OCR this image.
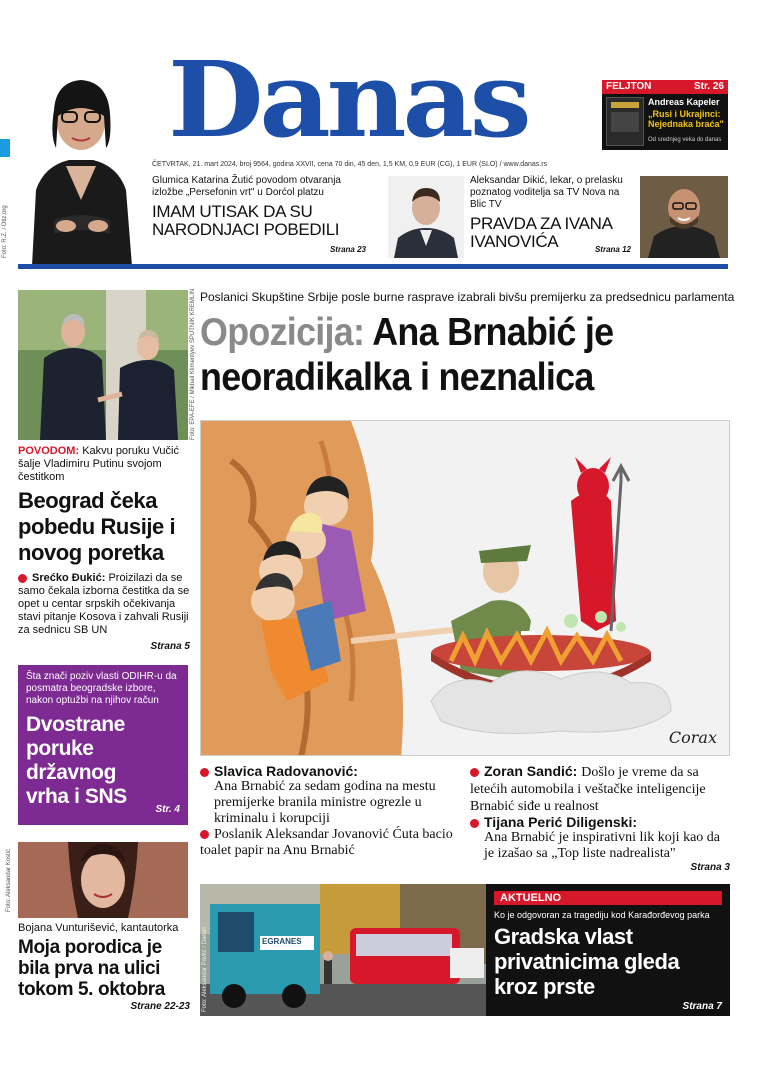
Foto: R.Z. / Otiz.org
Danas	FELJTON	Str. 26
Andreas Kapeler
„Rusi i Ukrajinci: Nejednaka braća"
Od srednjeg veka do danas
ČETVRTAK, 21. mart 2024, broj 9564, godina XXVII, cena 70 din, 45 den, 1,5 KM, 0,9 EUR (CG), 1 EUR (SLO) / www.danas.rs
Glumica Katarina Žutić povodom otvaranja izložbe „Persefonin vrt" u Dorćol platzu
IMAM UTISAK DA SU NARODNJACI POBEDILI
Strana 23
Aleksandar Dikić, lekar, o prelasku poznatog voditelja sa TV Nova na Blic TV
PRAVDA ZA IVANA IVANOVIĆA	Strana 12
Foto: EPA-EFE / Mikhail Klimentyev SPUTNIK KREMLIN
POVODOM: Kakvu poruku Vučić šalje Vladimiru Putinu svojom čestitkom
Beograd čeka pobedu Rusije i novog poretka
Srećko Đukić: Proizilazi da se samo čekala izborna čestitka da se opet u centar srpskih očekivanja stavi pitanje Kosova i zahvali Rusiji za sednicu SB UN
Strana 5
Šta znači poziv vlasti ODIHR-u da posmatra beogradske izbore, nakon optužbi na njihov račun
Dvostrane poruke državnog vrha i SNS
Str. 4
Foto: Aleksandar Kostić
Bojana Vunturišević, kantautorka
Moja porodica je bila prva na ulici tokom 5. oktobra
Strane 22-23
Poslanici Skupštine Srbije posle burne rasprave izabrali bivšu premijerku za predsednicu parlamenta
Opozicija: Ana Brnabić je neoradikalka i neznalica
Corax
Slavica Radovanović:
Ana Brnabić za sedam godina na mestu premijerke branila ministre ogrezle u kriminalu i korupciji
Poslanik Aleksandar Jovanović Ćuta bacio toalet papir na Anu Brnabić
Zoran Sandić: Došlo je vreme da sa letećih automobila i veštačke inteligencije Brnabić siđe u realnost
Tijana Perić Diligenski:
Ana Brnabić je inspirativni lik koji kao da je izašao sa „Top liste nadrealista"
Strana 3
EGRANES
Foto: Aleksandar Pavlić / Danas
AKTUELNO
Ko je odgovoran za tragediju kod Karađorđevog parka
Gradska vlast privatnicima gleda kroz prste
Strana 7
